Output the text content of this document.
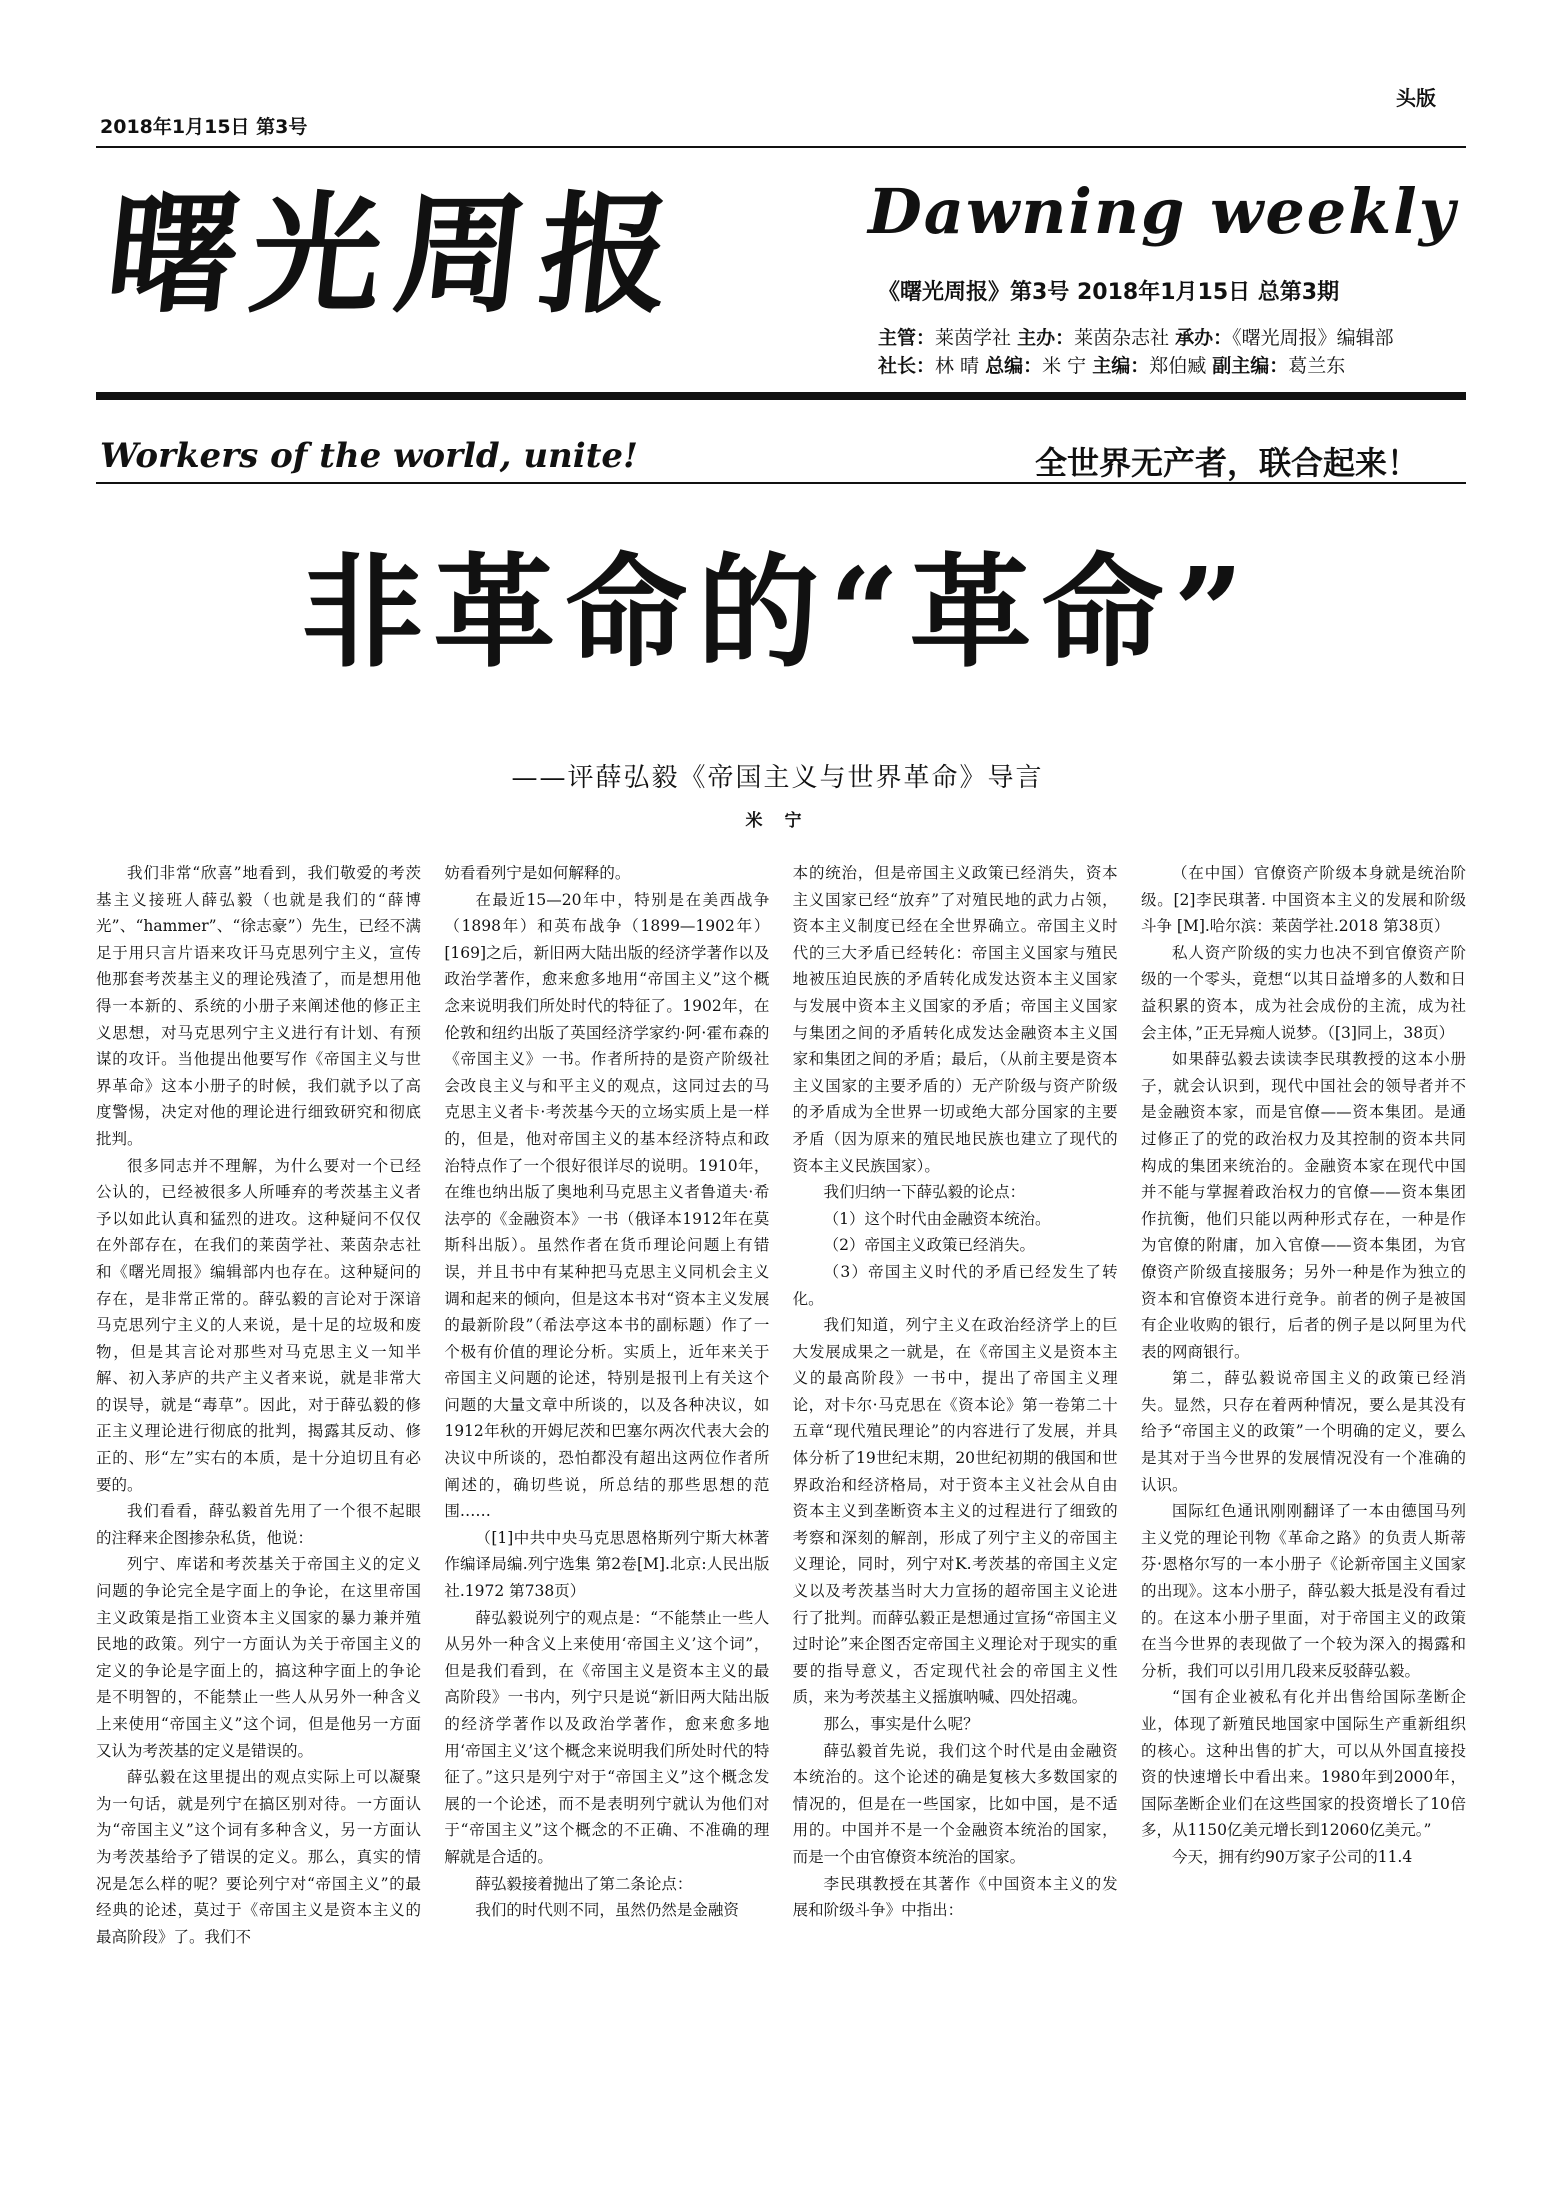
2018年1月15日 第3号
头版
曙光周报	Dawning weekly
《曙光周报》第3号 2018年1月15日 总第3期
主管：莱茵学社 主办：莱茵杂志社 承办：《曙光周报》编辑部
社长：林 晴 总编：米 宁 主编：郑伯臧 副主编：葛兰东
Workers of the world, unite!	全世界无产者，联合起来！
非革命的“革命”
——评薛弘毅《帝国主义与世界革命》导言
米 宁

我们非常“欣喜”地看到，我们敬爱的考茨基主义接班人薛弘毅（也就是我们的“薛博光”、“hammer”、“徐志豪”）先生，已经不满足于用只言片语来攻讦马克思列宁主义，宣传他那套考茨基主义的理论残渣了，而是想用他得一本新的、系统的小册子来阐述他的修正主义思想，对马克思列宁主义进行有计划、有预谋的攻讦。当他提出他要写作《帝国主义与世界革命》这本小册子的时候，我们就予以了高度警惕，决定对他的理论进行细致研究和彻底批判。

很多同志并不理解，为什么要对一个已经公认的，已经被很多人所唾弃的考茨基主义者予以如此认真和猛烈的进攻。这种疑问不仅仅在外部存在，在我们的莱茵学社、莱茵杂志社和《曙光周报》编辑部内也存在。这种疑问的存在，是非常正常的。薛弘毅的言论对于深谙马克思列宁主义的人来说，是十足的垃圾和废物，但是其言论对那些对马克思主义一知半解、初入茅庐的共产主义者来说，就是非常大的误导，就是“毒草”。因此，对于薛弘毅的修正主义理论进行彻底的批判，揭露其反动、修正的、形“左”实右的本质，是十分迫切且有必要的。

我们看看，薛弘毅首先用了一个很不起眼的注释来企图掺杂私货，他说：

列宁、库诺和考茨基关于帝国主义的定义问题的争论完全是字面上的争论，在这里帝国主义政策是指工业资本主义国家的暴力兼并殖民地的政策。列宁一方面认为关于帝国主义的定义的争论是字面上的，搞这种字面上的争论是不明智的，不能禁止一些人从另外一种含义上来使用“帝国主义”这个词，但是他另一方面又认为考茨基的定义是错误的。

薛弘毅在这里提出的观点实际上可以凝聚为一句话，就是列宁在搞区别对待。一方面认为“帝国主义”这个词有多种含义，另一方面认为考茨基给予了错误的定义。那么，真实的情况是怎么样的呢？要论列宁对“帝国主义”的最经典的论述，莫过于《帝国主义是资本主义的最高阶段》了。我们不

妨看看列宁是如何解释的。

在最近15—20年中，特别是在美西战争（1898年）和英布战争（1899—1902年）[169]之后，新旧两大陆出版的经济学著作以及政治学著作，愈来愈多地用“帝国主义”这个概念来说明我们所处时代的特征了。1902年，在伦敦和纽约出版了英国经济学家约·阿·霍布森的《帝国主义》一书。作者所持的是资产阶级社会改良主义与和平主义的观点，这同过去的马克思主义者卡·考茨基今天的立场实质上是一样的，但是，他对帝国主义的基本经济特点和政治特点作了一个很好很详尽的说明。1910年，在维也纳出版了奥地利马克思主义者鲁道夫·希法亭的《金融资本》一书（俄译本1912年在莫斯科出版）。虽然作者在货币理论问题上有错误，并且书中有某种把马克思主义同机会主义调和起来的倾向，但是这本书对“资本主义发展的最新阶段”（希法亭这本书的副标题）作了一个极有价值的理论分析。实质上，近年来关于帝国主义问题的论述，特别是报刊上有关这个问题的大量文章中所谈的，以及各种决议，如1912年秋的开姆尼茨和巴塞尔两次代表大会的决议中所谈的，恐怕都没有超出这两位作者所阐述的，确切些说，所总结的那些思想的范围……

（[1]中共中央马克思恩格斯列宁斯大林著作编译局编.列宁选集 第2卷[M].北京:人民出版社.1972 第738页）

薛弘毅说列宁的观点是：“不能禁止一些人从另外一种含义上来使用‘帝国主义’这个词”，但是我们看到，在《帝国主义是资本主义的最高阶段》一书内，列宁只是说“新旧两大陆出版的经济学著作以及政治学著作，愈来愈多地用‘帝国主义’这个概念来说明我们所处时代的特征了。”这只是列宁对于“帝国主义”这个概念发展的一个论述，而不是表明列宁就认为他们对于“帝国主义”这个概念的不正确、不准确的理解就是合适的。

薛弘毅接着抛出了第二条论点：

我们的时代则不同，虽然仍然是金融资

本的统治，但是帝国主义政策已经消失，资本主义国家已经“放弃”了对殖民地的武力占领，资本主义制度已经在全世界确立。帝国主义时代的三大矛盾已经转化：帝国主义国家与殖民地被压迫民族的矛盾转化成发达资本主义国家与发展中资本主义国家的矛盾；帝国主义国家与集团之间的矛盾转化成发达金融资本主义国家和集团之间的矛盾；最后，（从前主要是资本主义国家的主要矛盾的）无产阶级与资产阶级的矛盾成为全世界一切或绝大部分国家的主要矛盾（因为原来的殖民地民族也建立了现代的资本主义民族国家）。

我们归纳一下薛弘毅的论点：

（1）这个时代由金融资本统治。

（2）帝国主义政策已经消失。

（3）帝国主义时代的矛盾已经发生了转化。

我们知道，列宁主义在政治经济学上的巨大发展成果之一就是，在《帝国主义是资本主义的最高阶段》一书中，提出了帝国主义理论，对卡尔·马克思在《资本论》第一卷第二十五章“现代殖民理论”的内容进行了发展，并具体分析了19世纪末期，20世纪初期的俄国和世界政治和经济格局，对于资本主义社会从自由资本主义到垄断资本主义的过程进行了细致的考察和深刻的解剖，形成了列宁主义的帝国主义理论，同时，列宁对K.考茨基的帝国主义定义以及考茨基当时大力宣扬的超帝国主义论进行了批判。而薛弘毅正是想通过宣扬“帝国主义过时论”来企图否定帝国主义理论对于现实的重要的指导意义，否定现代社会的帝国主义性质，来为考茨基主义摇旗呐喊、四处招魂。

那么，事实是什么呢？

薛弘毅首先说，我们这个时代是由金融资本统治的。这个论述的确是复核大多数国家的情况的，但是在一些国家，比如中国，是不适用的。中国并不是一个金融资本统治的国家，而是一个由官僚资本统治的国家。

李民琪教授在其著作《中国资本主义的发展和阶级斗争》中指出：

（在中国）官僚资产阶级本身就是统治阶级。[2]李民琪著. 中国资本主义的发展和阶级斗争 [M].哈尔滨：莱茵学社.2018 第38页）

私人资产阶级的实力也决不到官僚资产阶级的一个零头，竟想“以其日益增多的人数和日益积累的资本，成为社会成份的主流，成为社会主体，”正无异痴人说梦。（[3]同上，38页）

如果薛弘毅去读读李民琪教授的这本小册子，就会认识到，现代中国社会的领导者并不是金融资本家，而是官僚——资本集团。是通过修正了的党的政治权力及其控制的资本共同构成的集团来统治的。金融资本家在现代中国并不能与掌握着政治权力的官僚——资本集团作抗衡，他们只能以两种形式存在，一种是作为官僚的附庸，加入官僚——资本集团，为官僚资产阶级直接服务；另外一种是作为独立的资本和官僚资本进行竞争。前者的例子是被国有企业收购的银行，后者的例子是以阿里为代表的网商银行。

第二，薛弘毅说帝国主义的政策已经消失。显然，只存在着两种情况，要么是其没有给予“帝国主义的政策”一个明确的定义，要么是其对于当今世界的发展情况没有一个准确的认识。

国际红色通讯刚刚翻译了一本由德国马列主义党的理论刊物《革命之路》的负责人斯蒂芬·恩格尔写的一本小册子《论新帝国主义国家的出现》。这本小册子，薛弘毅大抵是没有看过的。在这本小册子里面，对于帝国主义的政策在当今世界的表现做了一个较为深入的揭露和分析，我们可以引用几段来反驳薛弘毅。

“国有企业被私有化并出售给国际垄断企业，体现了新殖民地国家中国际生产重新组织的核心。这种出售的扩大，可以从外国直接投资的快速增长中看出来。1980年到2000年，国际垄断企业们在这些国家的投资增长了10倍多，从1150亿美元增长到12060亿美元。”

今天，拥有约90万家子公司的11.4
